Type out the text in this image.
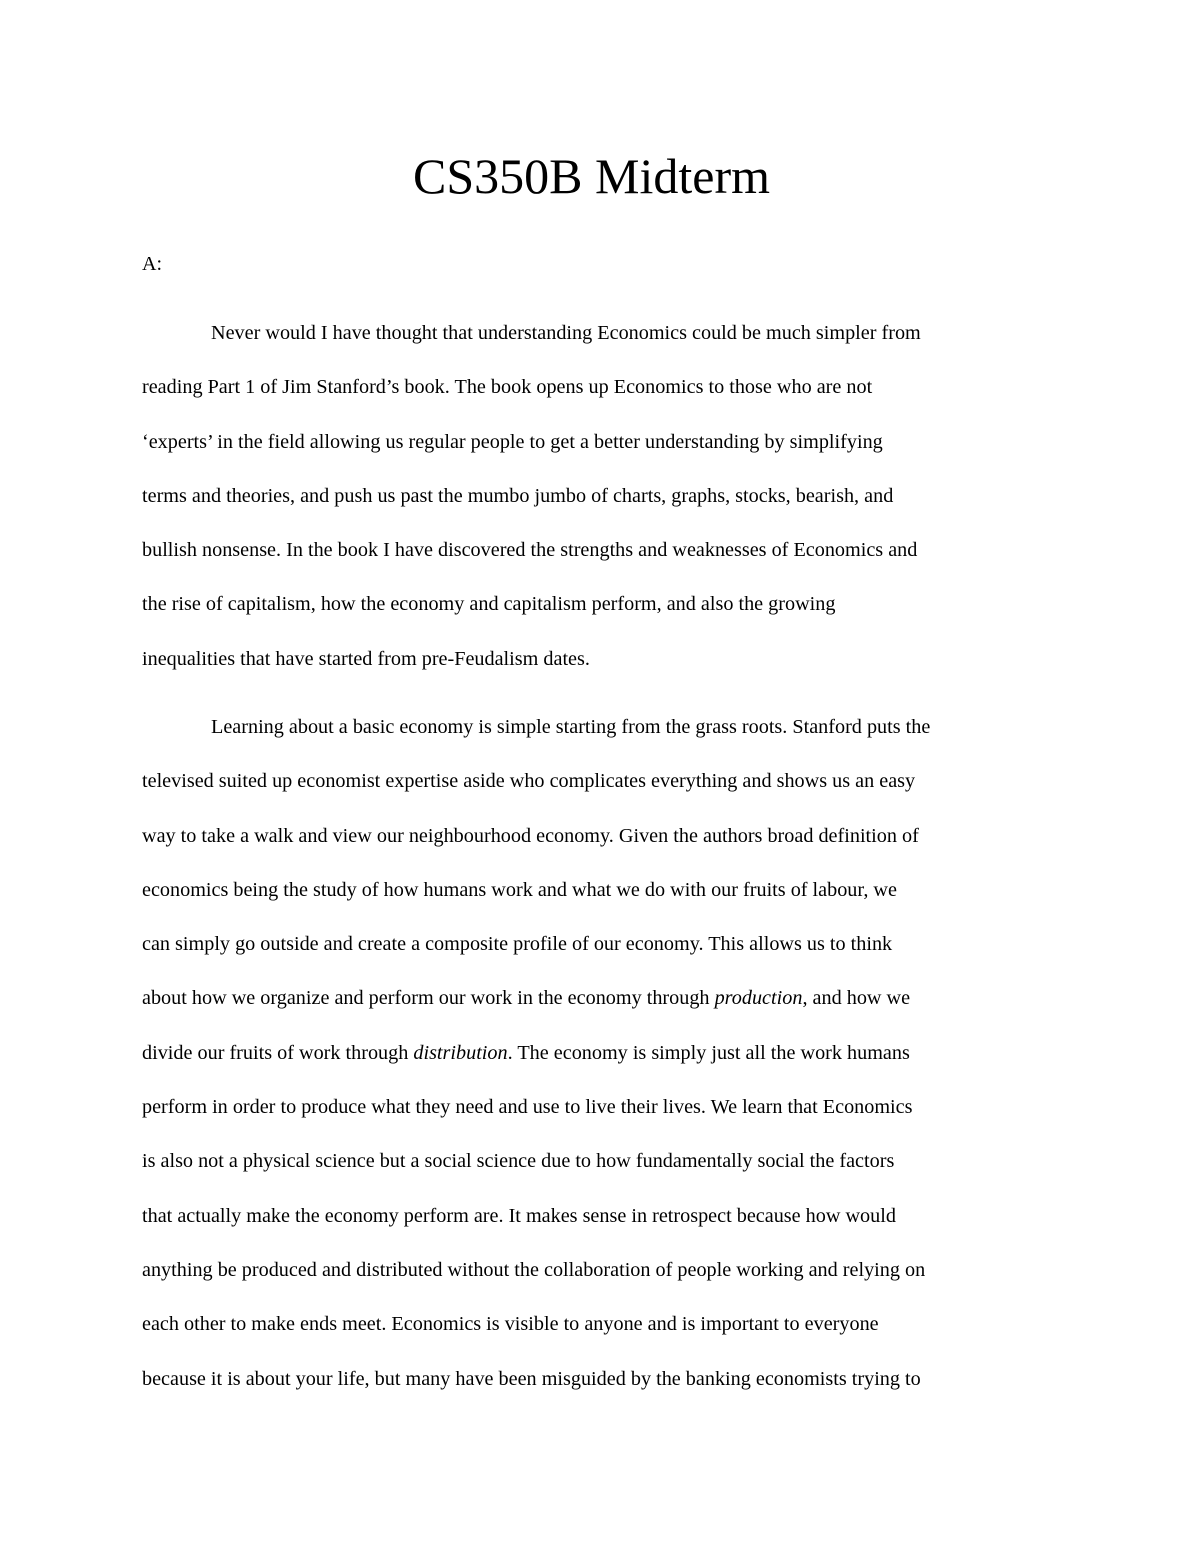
CS350B Midterm

A:

Never would I have thought that understanding Economics could be much simpler from
reading Part 1 of Jim Stanford’s book. The book opens up Economics to those who are not
‘experts’ in the field allowing us regular people to get a better understanding by simplifying
terms and theories, and push us past the mumbo jumbo of charts, graphs, stocks, bearish, and
bullish nonsense. In the book I have discovered the strengths and weaknesses of Economics and
the rise of capitalism, how the economy and capitalism perform, and also the growing
inequalities that have started from pre-Feudalism dates.
Learning about a basic economy is simple starting from the grass roots. Stanford puts the
televised suited up economist expertise aside who complicates everything and shows us an easy
way to take a walk and view our neighbourhood economy. Given the authors broad definition of
economics being the study of how humans work and what we do with our fruits of labour, we
can simply go outside and create a composite profile of our economy. This allows us to think
about how we organize and perform our work in the economy through production, and how we
divide our fruits of work through distribution. The economy is simply just all the work humans
perform in order to produce what they need and use to live their lives. We learn that Economics
is also not a physical science but a social science due to how fundamentally social the factors
that actually make the economy perform are. It makes sense in retrospect because how would
anything be produced and distributed without the collaboration of people working and relying on
each other to make ends meet. Economics is visible to anyone and is important to everyone
because it is about your life, but many have been misguided by the banking economists trying to
